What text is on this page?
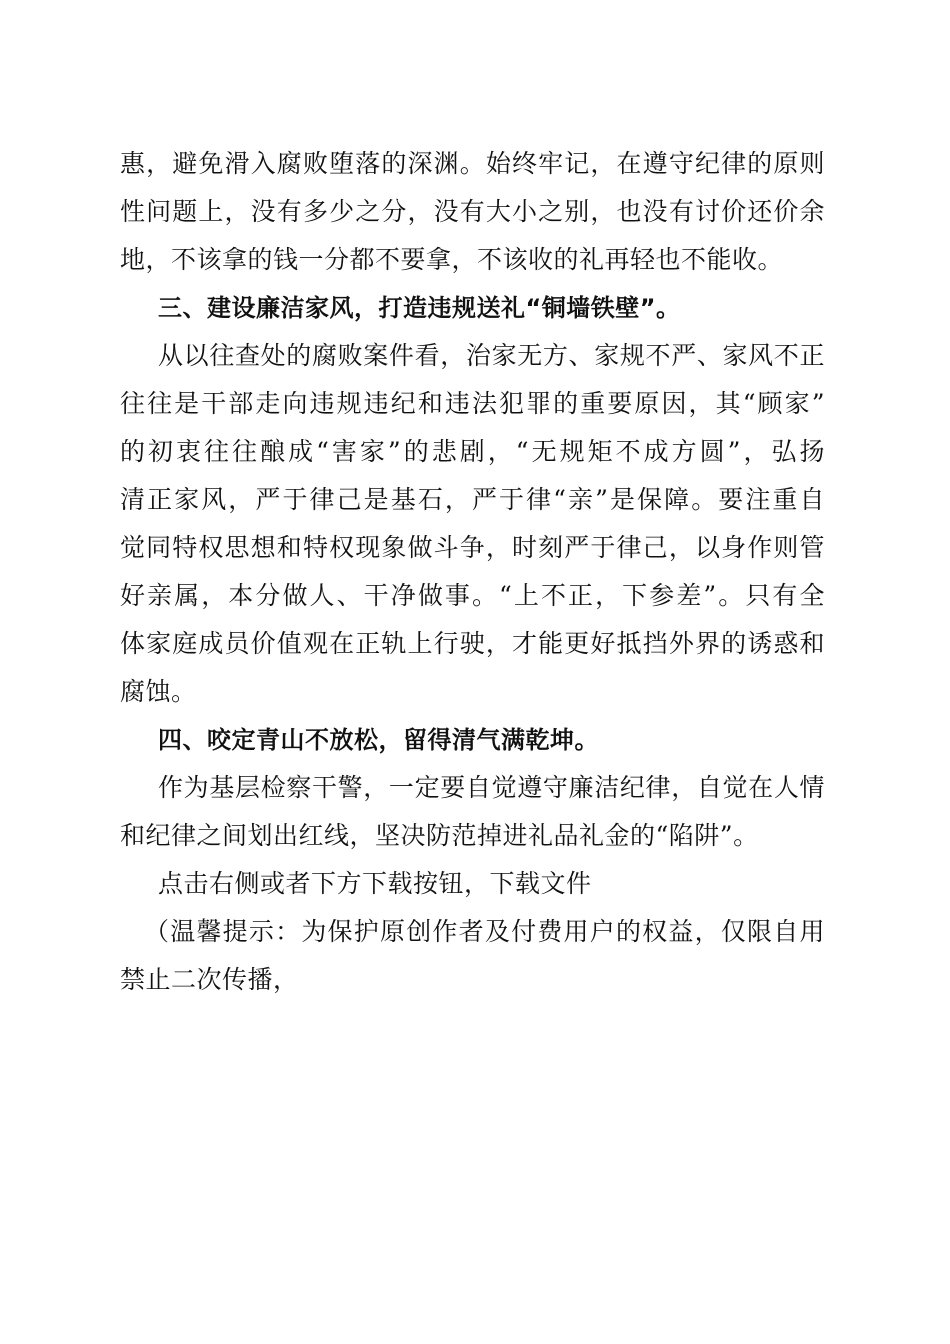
惠，避免滑入腐败堕落的深渊。始终牢记，在遵守纪律的原则
性问题上，没有多少之分，没有大小之别，也没有讨价还价余
地，不该拿的钱一分都不要拿，不该收的礼再轻也不能收。
三、建设廉洁家风，打造违规送礼“铜墙铁壁”。
从以往查处的腐败案件看，治家无方、家规不严、家风不正
往往是干部走向违规违纪和违法犯罪的重要原因，其“顾家”
的初衷往往酿成“害家”的悲剧，“无规矩不成方圆”，弘扬
清正家风，严于律己是基石，严于律“亲”是保障。要注重自
觉同特权思想和特权现象做斗争，时刻严于律己，以身作则管
好亲属，本分做人、干净做事。“上不正，下参差”。只有全
体家庭成员价值观在正轨上行驶，才能更好抵挡外界的诱惑和
腐蚀。
四、咬定青山不放松，留得清气满乾坤。
作为基层检察干警，一定要自觉遵守廉洁纪律，自觉在人情
和纪律之间划出红线，坚决防范掉进礼品礼金的“陷阱”。
点击右侧或者下方下载按钮，下载文件
（温馨提示：为保护原创作者及付费用户的权益，仅限自用
禁止二次传播，
